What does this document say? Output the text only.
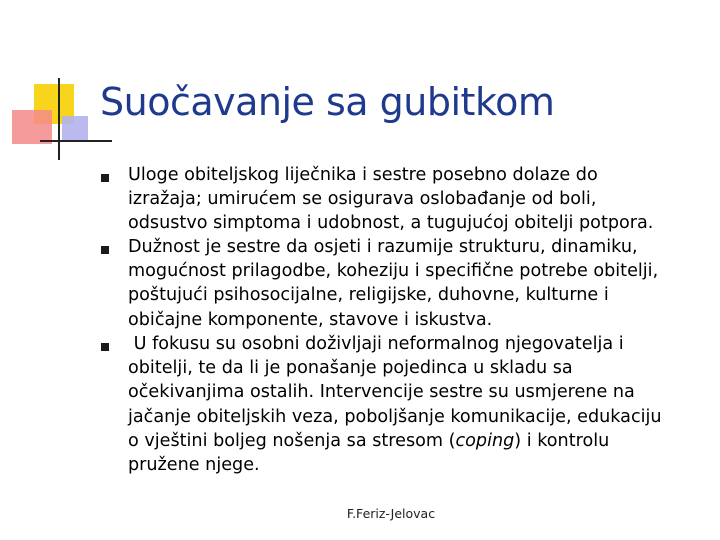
Suočavanje sa gubitkom
Uloge obiteljskog liječnika i sestre posebno dolaze do
izražaja; umirućem se osigurava oslobađanje od boli,
odsustvo simptoma i udobnost, a tugujućoj obitelji potpora.
Dužnost je sestre da osjeti i razumije strukturu, dinamiku,
mogućnost prilagodbe, koheziju i specifične potrebe obitelji,
poštujući psihosocijalne, religijske, duhovne, kulturne i
običajne komponente, stavove i iskustva.
U fokusu su osobni doživljaji neformalnog njegovatelja i
obitelji, te da li je ponašanje pojedinca u skladu sa
očekivanjima ostalih. Intervencije sestre su usmjerene na
jačanje obiteljskih veza, poboljšanje komunikacije, edukaciju
o vještini boljeg nošenja sa stresom (coping) i kontrolu
pružene njege.
F.Feriz-Jelovac
